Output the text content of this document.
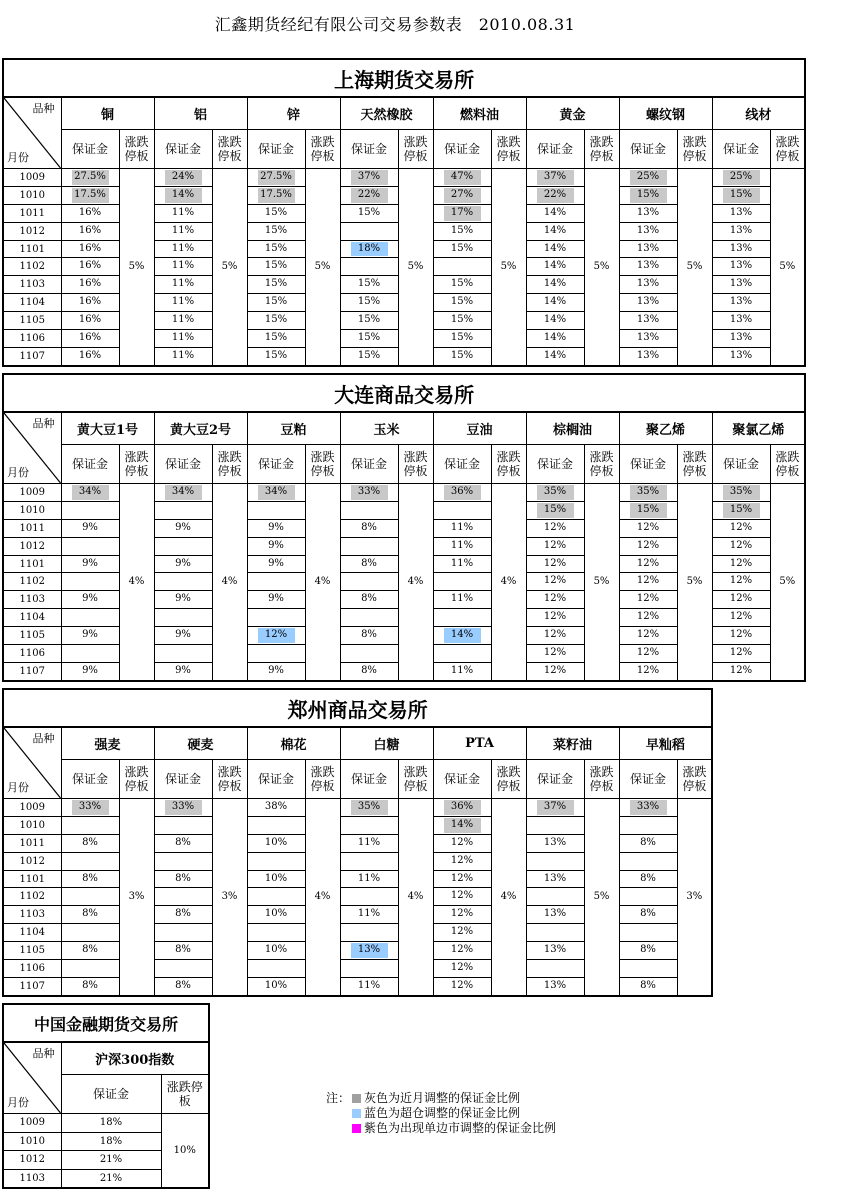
汇鑫期货经纪有限公司交易参数表　2010.08.31
上海期货交易所																

品种
月份	铜		铝		锌		天然橡胶		燃料油		黄金		螺纹钢		线材	
	保证金	涨跌停板	保证金	涨跌停板	保证金	涨跌停板	保证金	涨跌停板	保证金	涨跌停板	保证金	涨跌停板	保证金	涨跌停板	保证金	涨跌停板
1009	27.5%	5%	24%	5%	27.5%	5%	37%	5%	47%	5%	37%	5%	25%	5%	25%	5%
1010	17.5%		14%		17.5%		22%		27%		22%		15%		15%	

1011	16%		11%		15%		15%		17%		14%		13%		13%	

1012	16%		11%		15%				15%		14%		13%		13%	

1101	16%		11%		15%		18%		15%		14%		13%		13%	

1102	16%		11%		15%						14%		13%		13%	

1103	16%		11%		15%		15%		15%		14%		13%		13%	

1104	16%		11%		15%		15%		15%		14%		13%		13%	

1105	16%		11%		15%		15%		15%		14%		13%		13%	

1106	16%		11%		15%		15%		15%		14%		13%		13%	

1107	16%		11%		15%		15%		15%		14%		13%		13%	
大连商品交易所																

品种
月份	黄大豆1号		黄大豆2号		豆粕		玉米		豆油		棕榈油		聚乙烯		聚氯乙烯	
	保证金	涨跌停板	保证金	涨跌停板	保证金	涨跌停板	保证金	涨跌停板	保证金	涨跌停板	保证金	涨跌停板	保证金	涨跌停板	保证金	涨跌停板
1009	34%	4%	34%	4%	34%	4%	33%	4%	36%	4%	35%	5%	35%	5%	35%	5%
1010											15%		15%		15%	

1011	9%		9%		9%		8%		11%		12%		12%		12%	

1012					9%				11%		12%		12%		12%	

1101	9%		9%		9%		8%		11%		12%		12%		12%	

1102											12%		12%		12%	

1103	9%		9%		9%		8%		11%		12%		12%		12%	

1104											12%		12%		12%	

1105	9%		9%		12%		8%		14%		12%		12%		12%	

1106											12%		12%		12%	

1107	9%		9%		9%		8%		11%		12%		12%		12%	
郑州商品交易所														

品种
月份	强麦		硬麦		棉花		白糖		PTA		菜籽油		早籼稻	
	保证金	涨跌停板	保证金	涨跌停板	保证金	涨跌停板	保证金	涨跌停板	保证金	涨跌停板	保证金	涨跌停板	保证金	涨跌停板
1009	33%	3%	33%	3%	38%	4%	35%	4%	36%	4%	37%	5%	33%	3%
1010									14%					

1011	8%		8%		10%		11%		12%		13%		8%	

1012									12%					

1101	8%		8%		10%		11%		12%		13%		8%	

1102									12%					

1103	8%		8%		10%		11%		12%		13%		8%	

1104									12%					

1105	8%		8%		10%		13%		12%		13%		8%	

1106									12%					

1107	8%		8%		10%		11%		12%		13%		8%	
中国金融期货交易所		

品种
月份	沪深300指数	
	保证金	涨跌停板
1009	18%	10%
1010	18%	

1012	21%	

1103	21%	
注： 灰色为近月调整的保证金比例
蓝色为超仓调整的保证金比例
紫色为出现单边市调整的保证金比例
